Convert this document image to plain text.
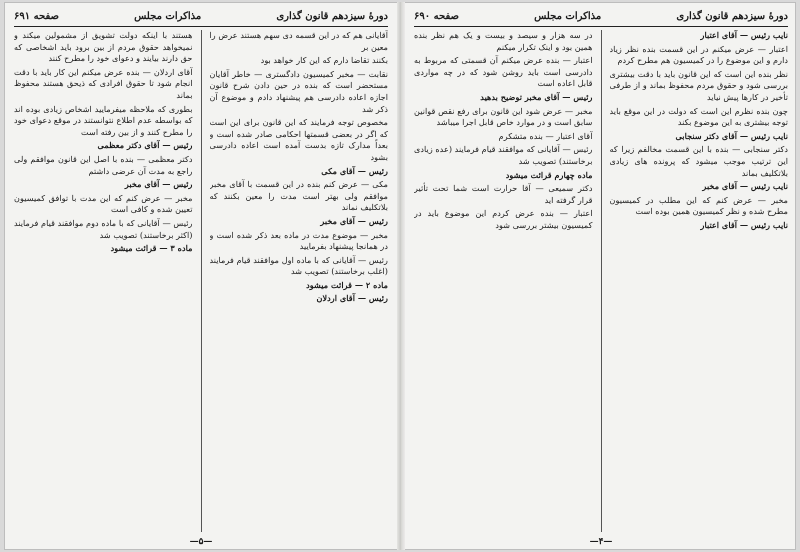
دورهٔ سیزدهم قانون گذاری
مذاکرات مجلس
صفحه ۶۹۱

آقایانی هم که در این قسمه دی سهم هستند عرض را معین بر

بکنند تقاضا دارم که این کار خواهد بود

نقابت — مخبر کمیسیون دادگستری — خاطر آقایان مستحضر است که بنده در حین دادن شرح قانون اجازه اعاده دادرسی هم پیشنهاد دادم و موضوع آن ذکر شد

مخصوص توجه فرمایند که این قانون برای این است که اگر در بعضی قسمتها احکامی صادر شده است و بعداً مدارک تازه بدست آمده است اعاده دادرسی بشود

رئیس — آقای مکی

مکی — عرض کنم بنده در این قسمت با آقای مخبر موافقم ولی بهتر است مدت را معین بکنند که بلاتکلیف نماند

رئیس — آقای مخبر

مخبر — موضوع مدت در ماده بعد ذکر شده است و در همانجا پیشنهاد بفرمایید

رئیس — آقایانی که با ماده اول موافقند قیام فرمایند (اغلب برخاستند) تصویب شد

ماده ۲ — قرائت میشود

رئیس — آقای اردلان

هستند با اینکه دولت تشویق از مشمولین میکند و نمیخواهد حقوق مردم از بین برود باید اشخاصی که حق دارند بیایند و دعوای خود را مطرح کنند

آقای اردلان — بنده عرض میکنم این کار باید با دقت انجام شود تا حقوق افرادی که ذیحق هستند محفوظ بماند

بطوری که ملاحظه میفرمایید اشخاص زیادی بوده اند که بواسطه عدم اطلاع نتوانستند در موقع دعوای خود را مطرح کنند و از بین رفته است

رئیس — آقای دکتر معظمی

دکتر معظمی — بنده با اصل این قانون موافقم ولی راجع به مدت آن عرضی داشتم

رئیس — آقای مخبر

مخبر — عرض کنم که این مدت با توافق کمیسیون تعیین شده و کافی است

رئیس — آقایانی که با ماده دوم موافقند قیام فرمایند (اکثر برخاستند) تصویب شد

ماده ۳ — قرائت میشود

—۵—
دورهٔ سیزدهم قانون گذاری
مذاکرات مجلس
صفحه ۶۹۰

نایب رئیس — آقای اعتبار

اعتبار — عرض میکنم در این قسمت بنده نظر زیاد دارم و این موضوع را در کمیسیون هم مطرح کردم

نظر بنده این است که این قانون باید با دقت بیشتری بررسی شود و حقوق مردم محفوظ بماند و از طرفی تأخیر در کارها پیش نیاید

چون بنده نظرم این است که دولت در این موقع باید توجه بیشتری به این موضوع بکند

نایب رئیس — آقای دکتر سنجابی

دکتر سنجابی — بنده با این قسمت مخالفم زیرا که این ترتیب موجب میشود که پرونده های زیادی بلاتکلیف بماند

نایب رئیس — آقای مخبر

مخبر — عرض کنم که این مطلب در کمیسیون مطرح شده و نظر کمیسیون همین بوده است

نایب رئیس — آقای اعتبار

در سه هزار و سیصد و بیست و یک هم نظر بنده همین بود و اینک تکرار میکنم

اعتبار — بنده عرض میکنم آن قسمتی که مربوط به دادرسی است باید روشن شود که در چه مواردی قابل اعاده است

رئیس — آقای مخبر توضیح بدهید

مخبر — عرض شود این قانون برای رفع نقص قوانین سابق است و در موارد خاص قابل اجرا میباشد

آقای اعتبار — بنده متشکرم

رئیس — آقایانی که موافقند قیام فرمایند (عده زیادی برخاستند) تصویب شد

ماده چهارم قرائت میشود

دکتر سمیعی — آقا حرارت است شما تحت تأثیر قرار گرفته اید

اعتبار — بنده عرض کردم این موضوع باید در کمیسیون بیشتر بررسی شود

—۴—
